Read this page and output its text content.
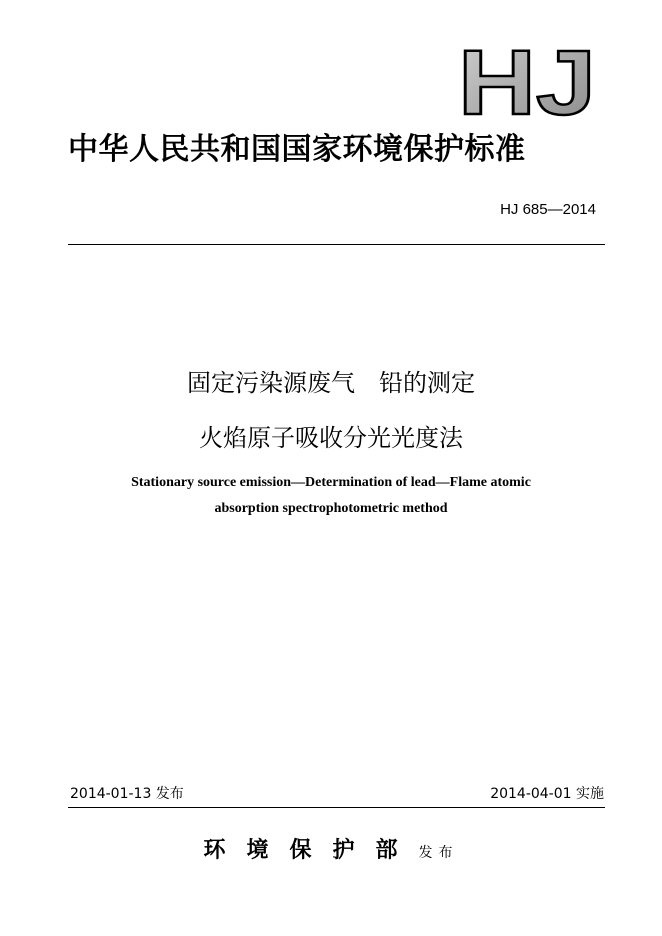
HJ
中华人民共和国国家环境保护标准
HJ 685—2014
固定污染源废气　铅的测定
火焰原子吸收分光光度法
Stationary source emission—Determination of lead—Flame atomic
absorption spectrophotometric method
2014-01-13 发布	2014-04-01 实施
环境保护部发布
